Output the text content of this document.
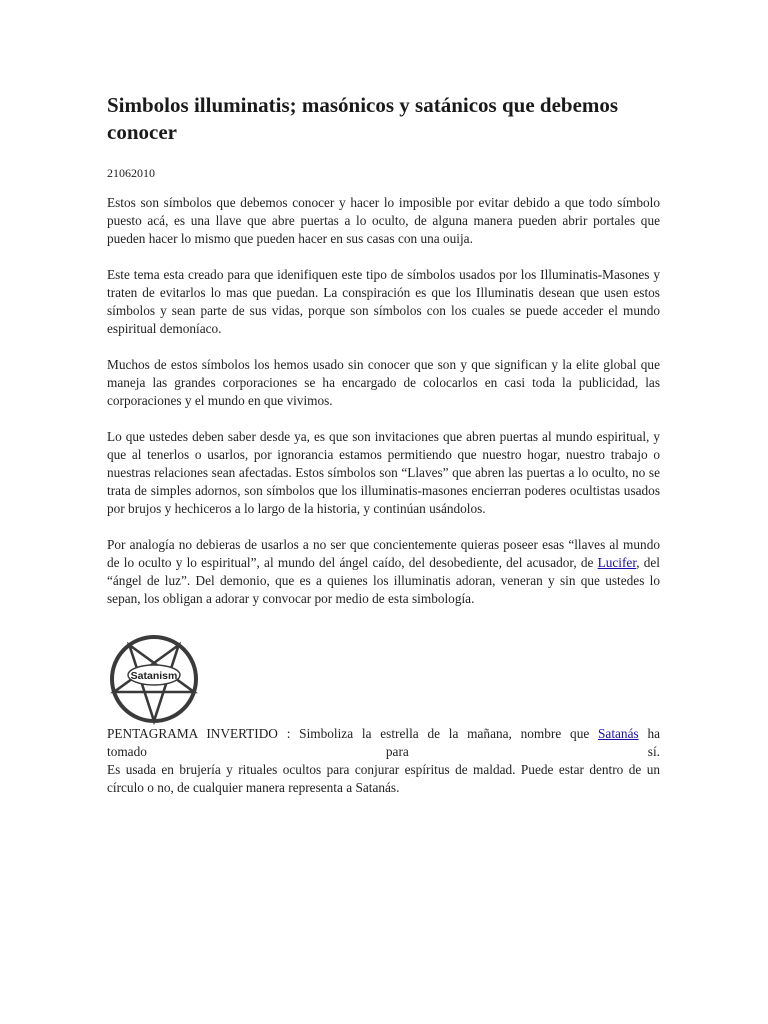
Simbolos illuminatis; masónicos y satánicos que debemos conocer
21062010

Estos son símbolos que debemos conocer y hacer lo imposible por evitar debido a que todo símbolo puesto acá, es una llave que abre puertas a lo oculto, de alguna manera pueden abrir portales que pueden hacer lo mismo que pueden hacer en sus casas con una ouija.

Este tema esta creado para que idenifiquen este tipo de símbolos usados por los Illuminatis-Masones y traten de evitarlos lo mas que puedan. La conspiración es que los Illuminatis desean que usen estos símbolos y sean parte de sus vidas, porque son símbolos con los cuales se puede acceder el mundo espiritual demoníaco.

Muchos de estos símbolos los hemos usado sin conocer que son y que significan y la elite global que maneja las grandes corporaciones se ha encargado de colocarlos en casi toda la publicidad, las corporaciones y el mundo en que vivimos.

Lo que ustedes deben saber desde ya, es que son invitaciones que abren puertas al mundo espiritual, y que al tenerlos o usarlos, por ignorancia estamos permitiendo que nuestro hogar, nuestro trabajo o nuestras relaciones sean afectadas. Estos símbolos son “Llaves” que abren las puertas a lo oculto, no se trata de simples adornos, son símbolos que los illuminatis-masones encierran poderes ocultistas usados por brujos y hechiceros a lo largo de la historia, y continúan usándolos.

Por analogía no debieras de usarlos a no ser que concientemente quieras poseer esas “llaves al mundo de lo oculto y lo espiritual”, al mundo del ángel caído, del desobediente, del acusador, de Lucifer, del “ángel de luz”. Del demonio, que es a quienes los illuminatis adoran, veneran y sin que ustedes lo sepan, los obligan a adorar y convocar por medio de esta simbología.

Satanism
PENTAGRAMA INVERTIDO : Simboliza la estrella de la mañana, nombre que Satanás ha
tomado para sí.
Es usada en brujería y rituales ocultos para conjurar espíritus de maldad. Puede estar dentro de un círculo o no, de cualquier manera representa a Satanás.
